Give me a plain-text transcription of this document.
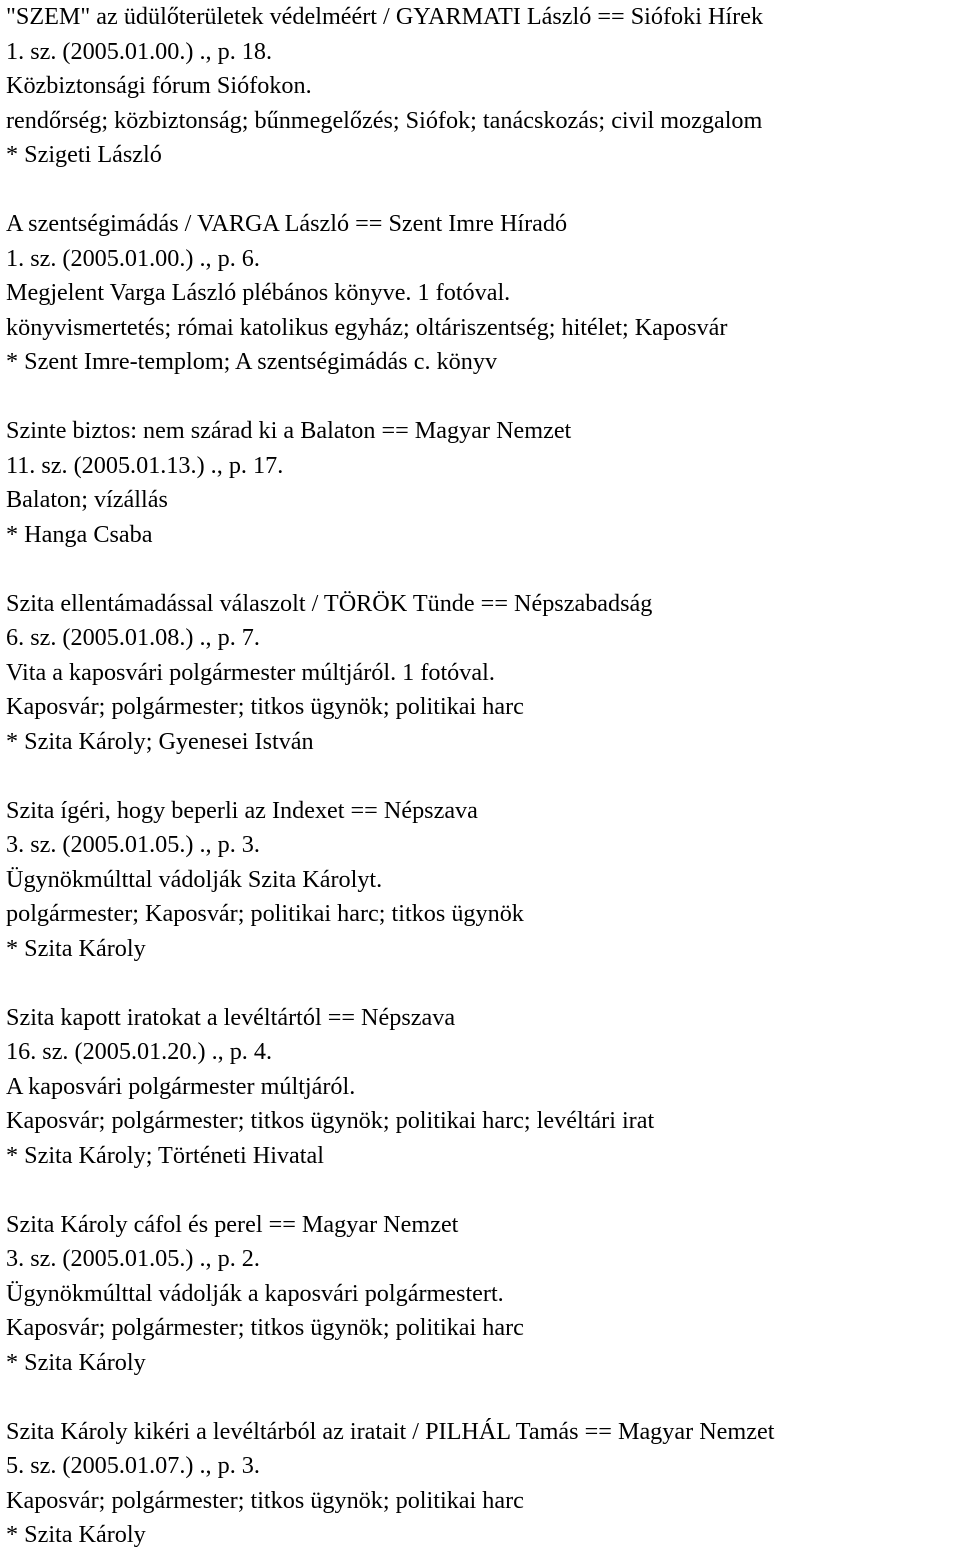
"SZEM" az üdülőterületek védelméért / GYARMATI László == Siófoki Hírek
1. sz. (2005.01.00.) ., p. 18.
Közbiztonsági fórum Siófokon.
rendőrség; közbiztonság; bűnmegelőzés; Siófok; tanácskozás; civil mozgalom
* Szigeti László
A szentségimádás / VARGA László == Szent Imre Híradó
1. sz. (2005.01.00.) ., p. 6.
Megjelent Varga László plébános könyve. 1 fotóval.
könyvismertetés; római katolikus egyház; oltáriszentség; hitélet; Kaposvár
* Szent Imre-templom; A szentségimádás c. könyv
Szinte biztos: nem szárad ki a Balaton == Magyar Nemzet
11. sz. (2005.01.13.) ., p. 17.
Balaton; vízállás
* Hanga Csaba
Szita ellentámadással válaszolt / TÖRÖK Tünde == Népszabadság
6. sz. (2005.01.08.) ., p. 7.
Vita a kaposvári polgármester múltjáról. 1 fotóval.
Kaposvár; polgármester; titkos ügynök; politikai harc
* Szita Károly; Gyenesei István
Szita ígéri, hogy beperli az Indexet == Népszava
3. sz. (2005.01.05.) ., p. 3.
Ügynökmúlttal vádolják Szita Károlyt.
polgármester; Kaposvár; politikai harc; titkos ügynök
* Szita Károly
Szita kapott iratokat a levéltártól == Népszava
16. sz. (2005.01.20.) ., p. 4.
A kaposvári polgármester múltjáról.
Kaposvár; polgármester; titkos ügynök; politikai harc; levéltári irat
* Szita Károly; Történeti Hivatal
Szita Károly cáfol és perel == Magyar Nemzet
3. sz. (2005.01.05.) ., p. 2.
Ügynökmúlttal vádolják a kaposvári polgármestert.
Kaposvár; polgármester; titkos ügynök; politikai harc
* Szita Károly
Szita Károly kikéri a levéltárból az iratait / PILHÁL Tamás == Magyar Nemzet
5. sz. (2005.01.07.) ., p. 3.
Kaposvár; polgármester; titkos ügynök; politikai harc
* Szita Károly
